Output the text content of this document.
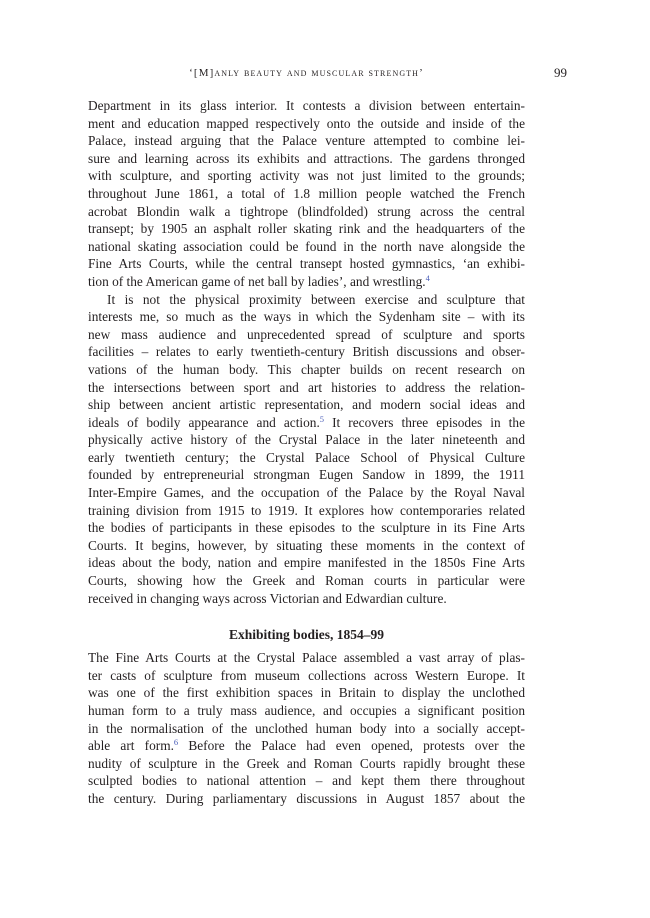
‘[M]anly beauty and muscular strength’	99
Department in its glass interior. It contests a division between entertain-
ment and education mapped respectively onto the outside and inside of the
Palace, instead arguing that the Palace venture attempted to combine lei-
sure and learning across its exhibits and attractions. The gardens thronged
with sculpture, and sporting activity was not just limited to the grounds;
throughout June 1861, a total of 1.8 million people watched the French
acrobat Blondin walk a tightrope (blindfolded) strung across the central
transept; by 1905 an asphalt roller skating rink and the headquarters of the
national skating association could be found in the north nave alongside the
Fine Arts Courts, while the central transept hosted gymnastics, ‘an exhibi-
tion of the American game of net ball by ladies’, and wrestling.$^4$
It is not the physical proximity between exercise and sculpture that
interests me, so much as the ways in which the Sydenham site – with its
new mass audience and unprecedented spread of sculpture and sports
facilities – relates to early twentieth-century British discussions and obser-
vations of the human body. This chapter builds on recent research on
the intersections between sport and art histories to address the relation-
ship between ancient artistic representation, and modern social ideas and
ideals of bodily appearance and action.$^5$ It recovers three episodes in the
physically active history of the Crystal Palace in the later nineteenth and
early twentieth century; the Crystal Palace School of Physical Culture
founded by entrepreneurial strongman Eugen Sandow in 1899, the 1911
Inter-Empire Games, and the occupation of the Palace by the Royal Naval
training division from 1915 to 1919. It explores how contemporaries related
the bodies of participants in these episodes to the sculpture in its Fine Arts
Courts. It begins, however, by situating these moments in the context of
ideas about the body, nation and empire manifested in the 1850s Fine Arts
Courts, showing how the Greek and Roman courts in particular were
received in changing ways across Victorian and Edwardian culture.
Exhibiting bodies, 1854–99
The Fine Arts Courts at the Crystal Palace assembled a vast array of plas-
ter casts of sculpture from museum collections across Western Europe. It
was one of the first exhibition spaces in Britain to display the unclothed
human form to a truly mass audience, and occupies a significant position
in the normalisation of the unclothed human body into a socially accept-
able art form.$^6$ Before the Palace had even opened, protests over the
nudity of sculpture in the Greek and Roman Courts rapidly brought these
sculpted bodies to national attention – and kept them there throughout
the century. During parliamentary discussions in August 1857 about the
